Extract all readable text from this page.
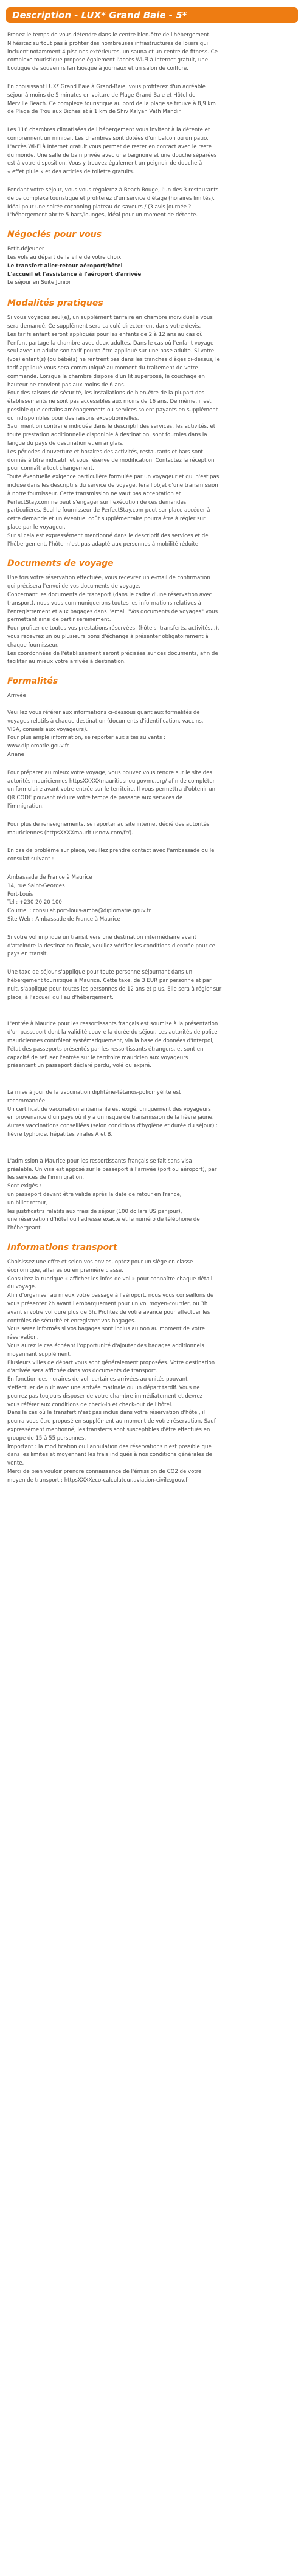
Description - LUX* Grand Baie - 5*

Prenez le temps de vous détendre dans le centre bien-être de l'hébergement.
N'hésitez surtout pas à profiter des nombreuses infrastructures de loisirs qui
incluent notamment 4 piscines extérieures, un sauna et un centre de fitness. Ce
complexe touristique propose également l'accès Wi-Fi à Internet gratuit, une
boutique de souvenirs lan kiosque à journaux et un salon de coiffure.

En choisissant LUX* Grand Baie à Grand-Baie, vous profiterez d'un agréable
séjour à moins de 5 minutes en voiture de Plage Grand Baie et Hôtel de
Merville Beach. Ce complexe touristique au bord de la plage se trouve à 8,9 km
de Plage de Trou aux Biches et à 1 km de Shiv Kalyan Vath Mandir.

Les 116 chambres climatisées de l'hébergement vous invitent à la détente et
comprennent un minibar. Les chambres sont dotées d'un balcon ou un patio.
L'accès Wi-Fi à Internet gratuit vous permet de rester en contact avec le reste
du monde. Une salle de bain privée avec une baignoire et une douche séparées
est à votre disposition. Vous y trouvez également un peignoir de douche à
« effet pluie » et des articles de toilette gratuits.

Pendant votre séjour, vous vous régalerez à Beach Rouge, l'un des 3 restaurants
de ce complexe touristique et profiterez d'un service d'étage (horaires limités).
Idéal pour une soirée cocooning plateau de saveurs / (3 avis journée ?
L'hébergement abrite 5 bars/lounges, idéal pour un moment de détente.

Négociés pour vous
Petit-déjeuner
Les vols au départ de la ville de votre choix
Le transfert aller-retour aéroport/hôtel
L'accueil et l'assistance à l'aéroport d'arrivée
Le séjour en Suite Junior
Modalités pratiques

Si vous voyagez seul(e), un supplément tarifaire en chambre individuelle vous
sera demandé. Ce supplément sera calculé directement dans votre devis.
Les tarifs enfant seront appliqués pour les enfants de 2 à 12 ans au cas où
l'enfant partage la chambre avec deux adultes. Dans le cas où l'enfant voyage
seul avec un adulte son tarif pourra être appliqué sur une base adulte. Si votre
(vos) enfant(s) (ou bébé(s) ne rentrent pas dans les tranches d'âges ci-dessus, le
tarif appliqué vous sera communiqué au moment du traitement de votre
commande. Lorsque la chambre dispose d'un lit superposé, le couchage en
hauteur ne convient pas aux moins de 6 ans.
Pour des raisons de sécurité, les installations de bien-être de la plupart des
établissements ne sont pas accessibles aux moins de 16 ans. De même, il est
possible que certains aménagements ou services soient payants en supplément
ou indisponibles pour des raisons exceptionnelles.
Sauf mention contraire indiquée dans le descriptif des services, les activités, et
toute prestation additionnelle disponible à destination, sont fournies dans la
langue du pays de destination et en anglais.
Les périodes d'ouverture et horaires des activités, restaurants et bars sont
donnés à titre indicatif, et sous réserve de modification. Contactez la réception
pour connaître tout changement.
Toute éventuelle exigence particulière formulée par un voyageur et qui n'est pas
incluse dans les descriptifs du service de voyage, fera l'objet d'une transmission
à notre fournisseur. Cette transmission ne vaut pas acceptation et
PerfectStay.com ne peut s'engager sur l'exécution de ces demandes
particulières. Seul le fournisseur de PerfectStay.com peut sur place accéder à
cette demande et un éventuel coût supplémentaire pourra être à régler sur
place par le voyageur.
Sur si cela est expressément mentionné dans le descriptif des services et de
l'hébergement, l'hôtel n'est pas adapté aux personnes à mobilité réduite.

Documents de voyage

Une fois votre réservation effectuée, vous recevrez un e-mail de confirmation
qui précisera l'envoi de vos documents de voyage.
Concernant les documents de transport (dans le cadre d'une réservation avec
transport), nous vous communiquerons toutes les informations relatives à
l'enregistrement et aux bagages dans l'email "Vos documents de voyages" vous
permettant ainsi de partir sereinement.
Pour profiter de toutes vos prestations réservées, (hôtels, transferts, activités...),
vous recevrez un ou plusieurs bons d'échange à présenter obligatoirement à
chaque fournisseur.
Les coordonnées de l'établissement seront précisées sur ces documents, afin de
faciliter au mieux votre arrivée à destination.

Formalités

Arrivée

Veuillez vous référer aux informations ci-dessous quant aux formalités de
voyages relatifs à chaque destination (documents d'identification, vaccins,
VISA, conseils aux voyageurs).
Pour plus ample information, se reporter aux sites suivants :
www.diplomatie.gouv.fr
Ariane

Pour préparer au mieux votre voyage, vous pouvez vous rendre sur le site des
autorités mauriciennes httpsXXXXXmauritiusnou.govmu.org/ afin de compléter
un formulaire avant votre entrée sur le territoire. Il vous permettra d'obtenir un
QR CODE pouvant réduire votre temps de passage aux services de
l'immigration.

Pour plus de renseignements, se reporter au site internet dédié des autorités
mauriciennes (httpsXXXXmauritiusnow.com/fr/).

En cas de problème sur place, veuillez prendre contact avec l'ambassade ou le
consulat suivant :

Ambassade de France à Maurice
14, rue Saint-Georges
Port-Louis
Tel : +230 20 20 100
Courriel : consulat.port-louis-amba@diplomatie.gouv.fr
Site Web : Ambassade de France à Maurice

Si votre vol implique un transit vers une destination intermédiaire avant
d'atteindre la destination finale, veuillez vérifier les conditions d'entrée pour ce
pays en transit.

Une taxe de séjour s'applique pour toute personne séjournant dans un
hébergement touristique à Maurice. Cette taxe, de 3 EUR par personne et par
nuit, s'applique pour toutes les personnes de 12 ans et plus. Elle sera à régler sur
place, à l'accueil du lieu d'hébergement.

L'entrée à Maurice pour les ressortissants français est soumise à la présentation
d'un passeport dont la validité couvre la durée du séjour. Les autorités de police
mauriciennes contrôlent systématiquement, via la base de données d'Interpol,
l'état des passeports présentés par les ressortissants étrangers, et sont en
capacité de refuser l'entrée sur le territoire mauricien aux voyageurs
présentant un passeport déclaré perdu, volé ou expiré.

La mise à jour de la vaccination diphtérie-tétanos-poliomyélite est
recommandée.
Un certificat de vaccination antiamarile est exigé, uniquement des voyageurs
en provenance d'un pays où il y a un risque de transmission de la fièvre jaune.
Autres vaccinations conseillées (selon conditions d'hygiène et durée du séjour) :
fièvre typhoïde, hépatites virales A et B.

L'admission à Maurice pour les ressortissants français se fait sans visa
préalable. Un visa est apposé sur le passeport à l'arrivée (port ou aéroport), par
les services de l'immigration.
Sont exigés :
un passeport devant être valide après la date de retour en France,
un billet retour,
les justificatifs relatifs aux frais de séjour (100 dollars US par jour),
une réservation d'hôtel ou l'adresse exacte et le numéro de téléphone de
l'hébergeant.

Informations transport

Choisissez une offre et selon vos envies, optez pour un siège en classe
économique, affaires ou en première classe.
Consultez la rubrique « afficher les infos de vol » pour connaître chaque détail
du voyage.
Afin d'organiser au mieux votre passage à l'aéroport, nous vous conseillons de
vous présenter 2h avant l'embarquement pour un vol moyen-courrier, ou 3h
avant si votre vol dure plus de 5h. Profitez de votre avance pour effectuer les
contrôles de sécurité et enregistrer vos bagages.
Vous serez informés si vos bagages sont inclus au non au moment de votre
réservation.
Vous aurez le cas échéant l'opportunité d'ajouter des bagages additionnels
moyennant supplément.
Plusieurs villes de départ vous sont généralement proposées. Votre destination
d'arrivée sera affichée dans vos documents de transport.
En fonction des horaires de vol, certaines arrivées au unités pouvant
s'effectuer de nuit avec une arrivée matinale ou un départ tardif. Vous ne
pourrez pas toujours disposer de votre chambre immédiatement et devrez
vous référer aux conditions de check-in et check-out de l'hôtel.
Dans le cas où le transfert n'est pas inclus dans votre réservation d'hôtel, il
pourra vous être proposé en supplément au moment de votre réservation. Sauf
expressément mentionné, les transferts sont susceptibles d'être effectués en
groupe de 15 à 55 personnes.
Important : la modification ou l'annulation des réservations n'est possible que
dans les limites et moyennant les frais indiqués à nos conditions générales de
vente.
Merci de bien vouloir prendre connaissance de l'émission de CO2 de votre
moyen de transport : httpsXXXXeco-calculateur.aviation-civile.gouv.fr
